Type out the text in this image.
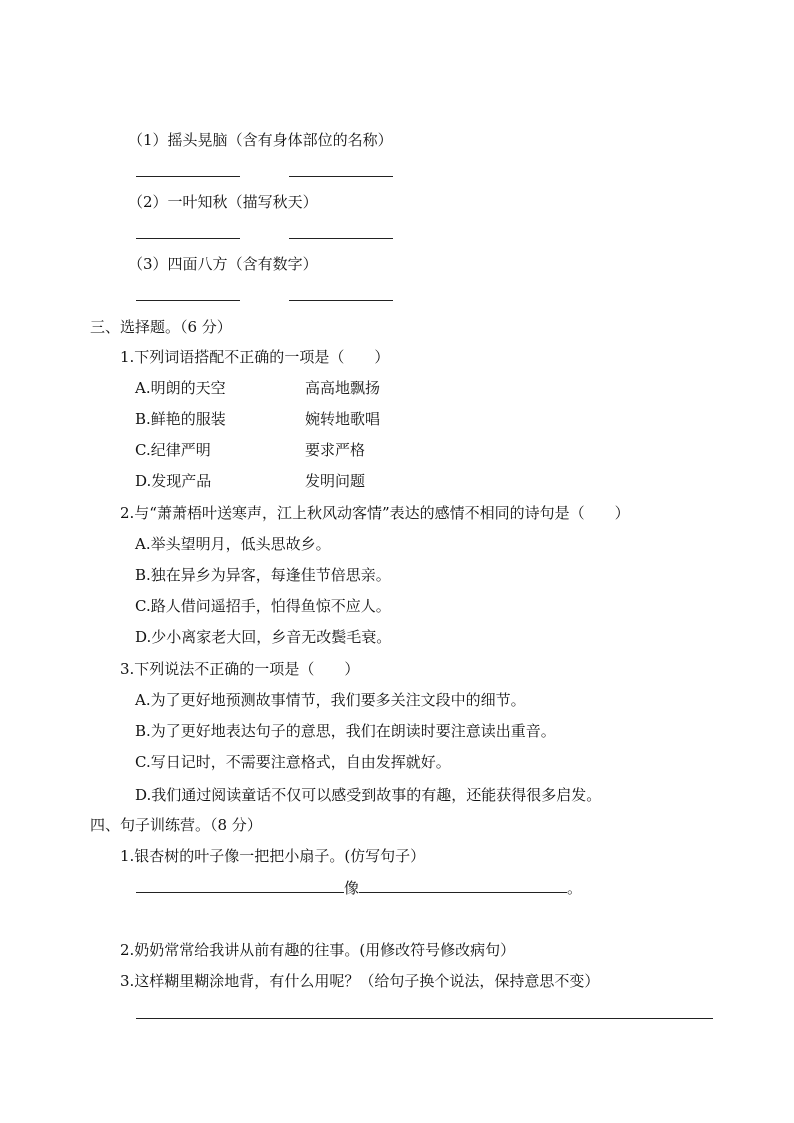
（1）摇头晃脑（含有身体部位的名称）
（2）一叶知秋（描写秋天）
（3）四面八方（含有数字）
三、选择题。（6 分）
1.下列词语搭配不正确的一项是（　　）
A.明朗的天空	高高地飘扬
B.鲜艳的服装	婉转地歌唱
C.纪律严明	要求严格
D.发现产品	发明问题
2.与“萧萧梧叶送寒声，江上秋风动客情”表达的感情不相同的诗句是（　　）
A.举头望明月，低头思故乡。
B.独在异乡为异客，每逢佳节倍思亲。
C.路人借问遥招手，怕得鱼惊不应人。
D.少小离家老大回，乡音无改鬓毛衰。
3.下列说法不正确的一项是（　　）
A.为了更好地预测故事情节，我们要多关注文段中的细节。
B.为了更好地表达句子的意思，我们在朗读时要注意读出重音。
C.写日记时，不需要注意格式，自由发挥就好。
D.我们通过阅读童话不仅可以感受到故事的有趣，还能获得很多启发。
四、句子训练营。（8 分）
1.银杏树的叶子像一把把小扇子。(仿写句子）
像	。
2.奶奶常常给我讲从前有趣的往事。(用修改符号修改病句）
3.这样糊里糊涂地背，有什么用呢？（给句子换个说法，保持意思不变）
